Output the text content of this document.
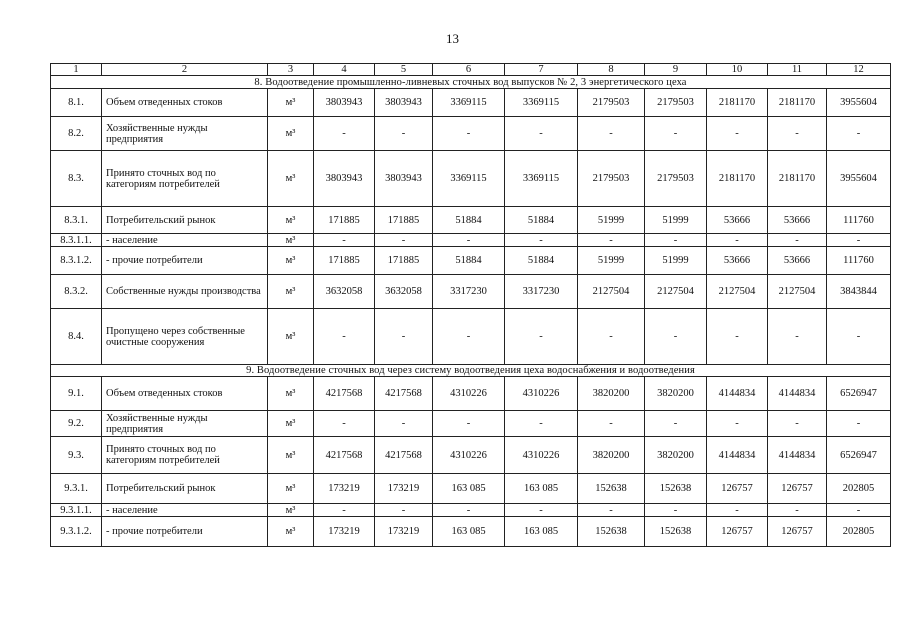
13
1	2	3	4	5	6	7	8	9	10	11	12
8. Водоотведение промышленно-ливневых сточных вод выпусков № 2, 3 энергетического цеха											
8.1.	Объем отведенных стоков	м³	3803943	3803943	3369115	3369115	2179503	2179503	2181170	2181170	3955604
8.2.	Хозяйственные нужды предприятия	м³	-	-	-	-	-	-	-	-	-
8.3.	Принято сточных вод по категориям потребителей	м³	3803943	3803943	3369115	3369115	2179503	2179503	2181170	2181170	3955604
8.3.1.	Потребительский рынок	м³	171885	171885	51884	51884	51999	51999	53666	53666	111760
8.3.1.1.	- население	м³	-	-	-	-	-	-	-	-	-
8.3.1.2.	- прочие потребители	м³	171885	171885	51884	51884	51999	51999	53666	53666	111760
8.3.2.	Собственные нужды производства	м³	3632058	3632058	3317230	3317230	2127504	2127504	2127504	2127504	3843844
8.4.	Пропущено через собственные очистные сооружения	м³	-	-	-	-	-	-	-	-	-
9. Водоотведение сточных вод через систему водоотведения цеха водоснабжения и водоотведения											
9.1.	Объем отведенных стоков	м³	4217568	4217568	4310226	4310226	3820200	3820200	4144834	4144834	6526947
9.2.	Хозяйственные нужды предприятия	м³	-	-	-	-	-	-	-	-	-
9.3.	Принято сточных вод по категориям потребителей	м³	4217568	4217568	4310226	4310226	3820200	3820200	4144834	4144834	6526947
9.3.1.	Потребительский рынок	м³	173219	173219	163 085	163 085	152638	152638	126757	126757	202805
9.3.1.1.	- население	м³	-	-	-	-	-	-	-	-	-
9.3.1.2.	- прочие потребители	м³	173219	173219	163 085	163 085	152638	152638	126757	126757	202805
